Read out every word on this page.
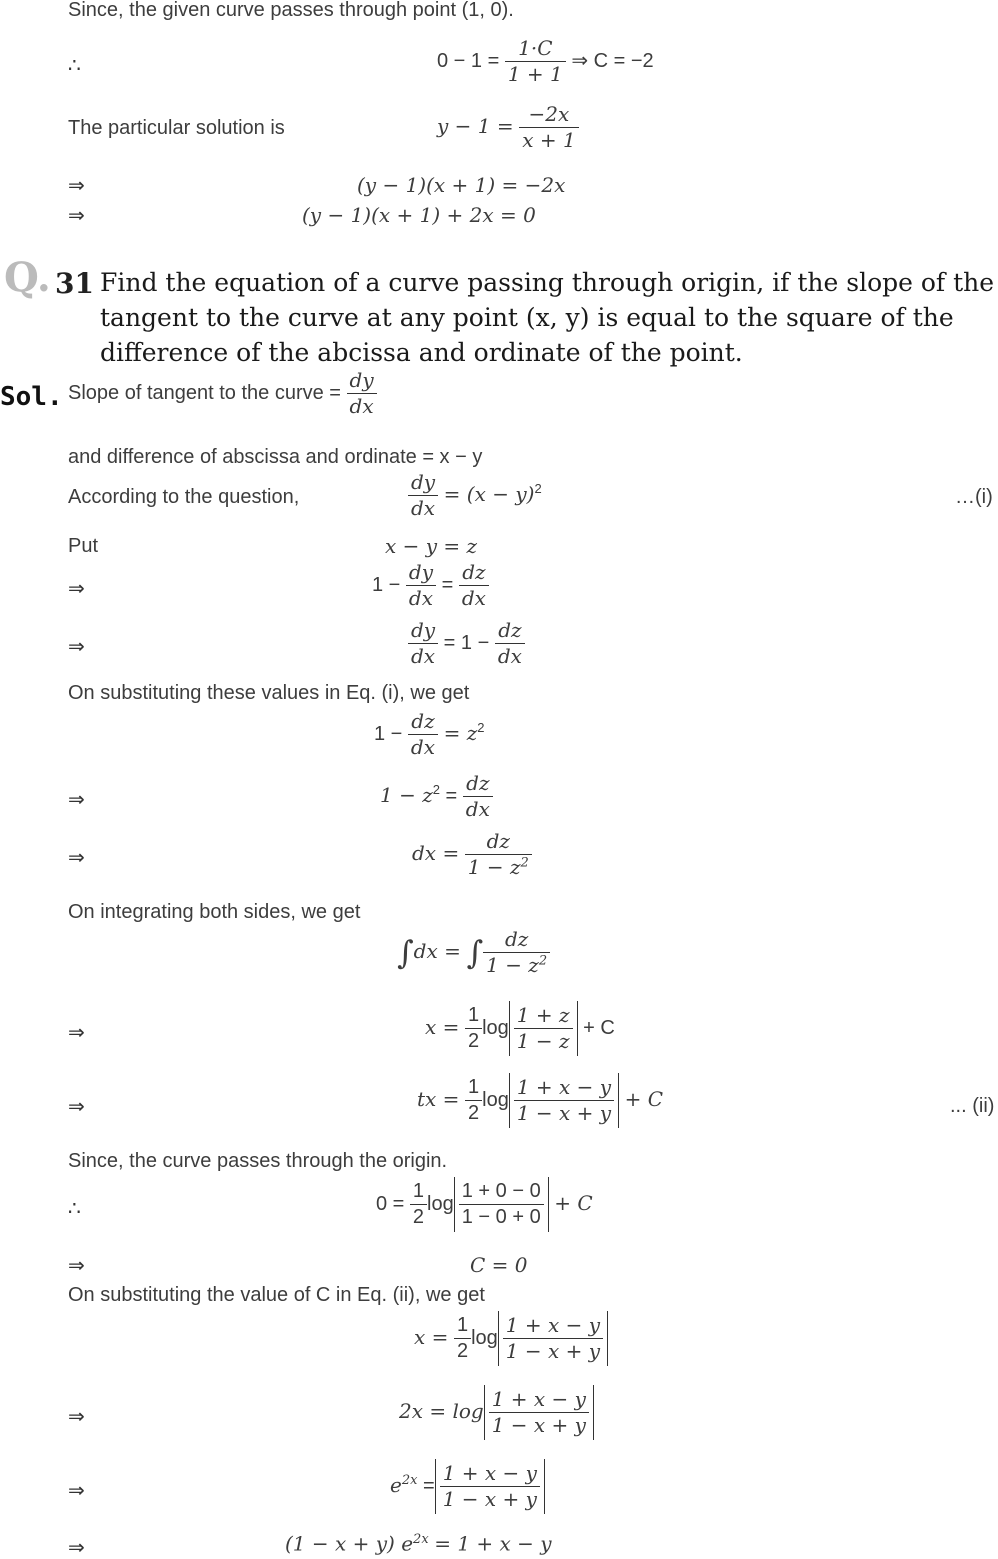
Since, the given curve passes through point (1, 0).
∴	$0 - 1 = \frac{1\cdot C}{1 + 1}$ ⇒ C = −2
The particular solution is	$y - 1 = \frac{-2x}{x + 1}$
⇒	(y − 1)(x + 1) = −2x
⇒	(y − 1)(x + 1) + 2x = 0
Q. 31 Find the equation of a curve passing through origin, if the slope of the
tangent to the curve at any point (x, y) is equal to the square of the
difference of the abcissa and ordinate of the point.
Sol. Slope of tangent to the curve = $\frac{dy}{dx}$
and difference of abscissa and ordinate = x − y
According to the question,	$\frac{dy}{dx} = (x - y)^2$	…(i)
Put	x − y = z
⇒	$1 - \frac{dy}{dx} = \frac{dz}{dx}$
⇒	$\frac{dy}{dx} = 1 - \frac{dz}{dx}$
On substituting these values in Eq. (i), we get
$1 - \frac{dz}{dx} = z^2$
⇒	$1 - z^2 = \frac{dz}{dx}$
⇒	dx = $\frac{dz}{1 - z^2}$
On integrating both sides, we get
∫dx = ∫ $\frac{dz}{1 - z^2}$
⇒	$x = \frac{1}{2}$ $\log \frac{1 + z}{1 - z} + C$
⇒	tx = $\frac{1}{2}$ $\log \frac{1 + x - y}{1 - x + y} + C$	... (ii)
Since, the curve passes through the origin.
∴	$0 = \frac{1}{2}$ $\log \frac{1 + 0 - 0}{1 - 0 + 0} + C$
⇒	C = 0
On substituting the value of C in Eq. (ii), we get
$x = \frac{1}{2}$ $\log \frac{1 + x - y}{1 - x + y}$
⇒	$2x = \log \frac{1 + x - y}{1 - x + y}$
⇒	$e^{2x} = \frac{1 + x - y}{1 - x + y}$
⇒	(1 − x + y) $e^{2x} = 1 + x - y$
